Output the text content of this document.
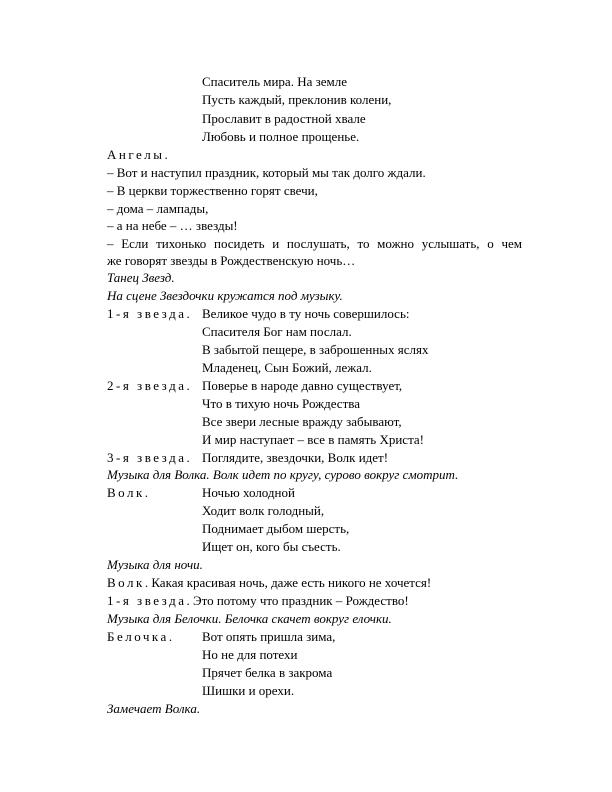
Спаситель мира. На земле
Пусть каждый, преклонив колени,
Прославит в радостной хвале
Любовь и полное прощенье.
Ангелы.
– Вот и наступил праздник, который мы так долго ждали.
– В церкви торжественно горят свечи,
– дома – лампады,
– а на небе – … звезды!
– Если тихонько посидеть и послушать, то можно услышать, о чем
же говорят звезды в Рождественскую ночь…
Танец Звезд.
На сцене Звездочки кружатся под музыку.
1-я звезда. Великое чудо в ту ночь совершилось:
Спасителя Бог нам послал.
В забытой пещере, в заброшенных яслях
Младенец, Сын Божий, лежал.
2-я звезда. Поверье в народе давно существует,
Что в тихую ночь Рождества
Все звери лесные вражду забывают,
И мир наступает – все в память Христа!
3-я звезда. Поглядите, звездочки, Волк идет!
Музыка для Волка. Волк идет по кругу, сурово вокруг смотрит.
Волк.	Ночью холодной
Ходит волк голодный,
Поднимает дыбом шерсть,
Ищет он, кого бы съесть.
Музыка для ночи.
Волк. Какая красивая ночь, даже есть никого не хочется!
1-я звезда. Это потому что праздник – Рождество!
Музыка для Белочки. Белочка скачет вокруг елочки.
Белочка. Вот опять пришла зима,
Но не для потехи
Прячет белка в закрома
Шишки и орехи.
Замечает Волка.
